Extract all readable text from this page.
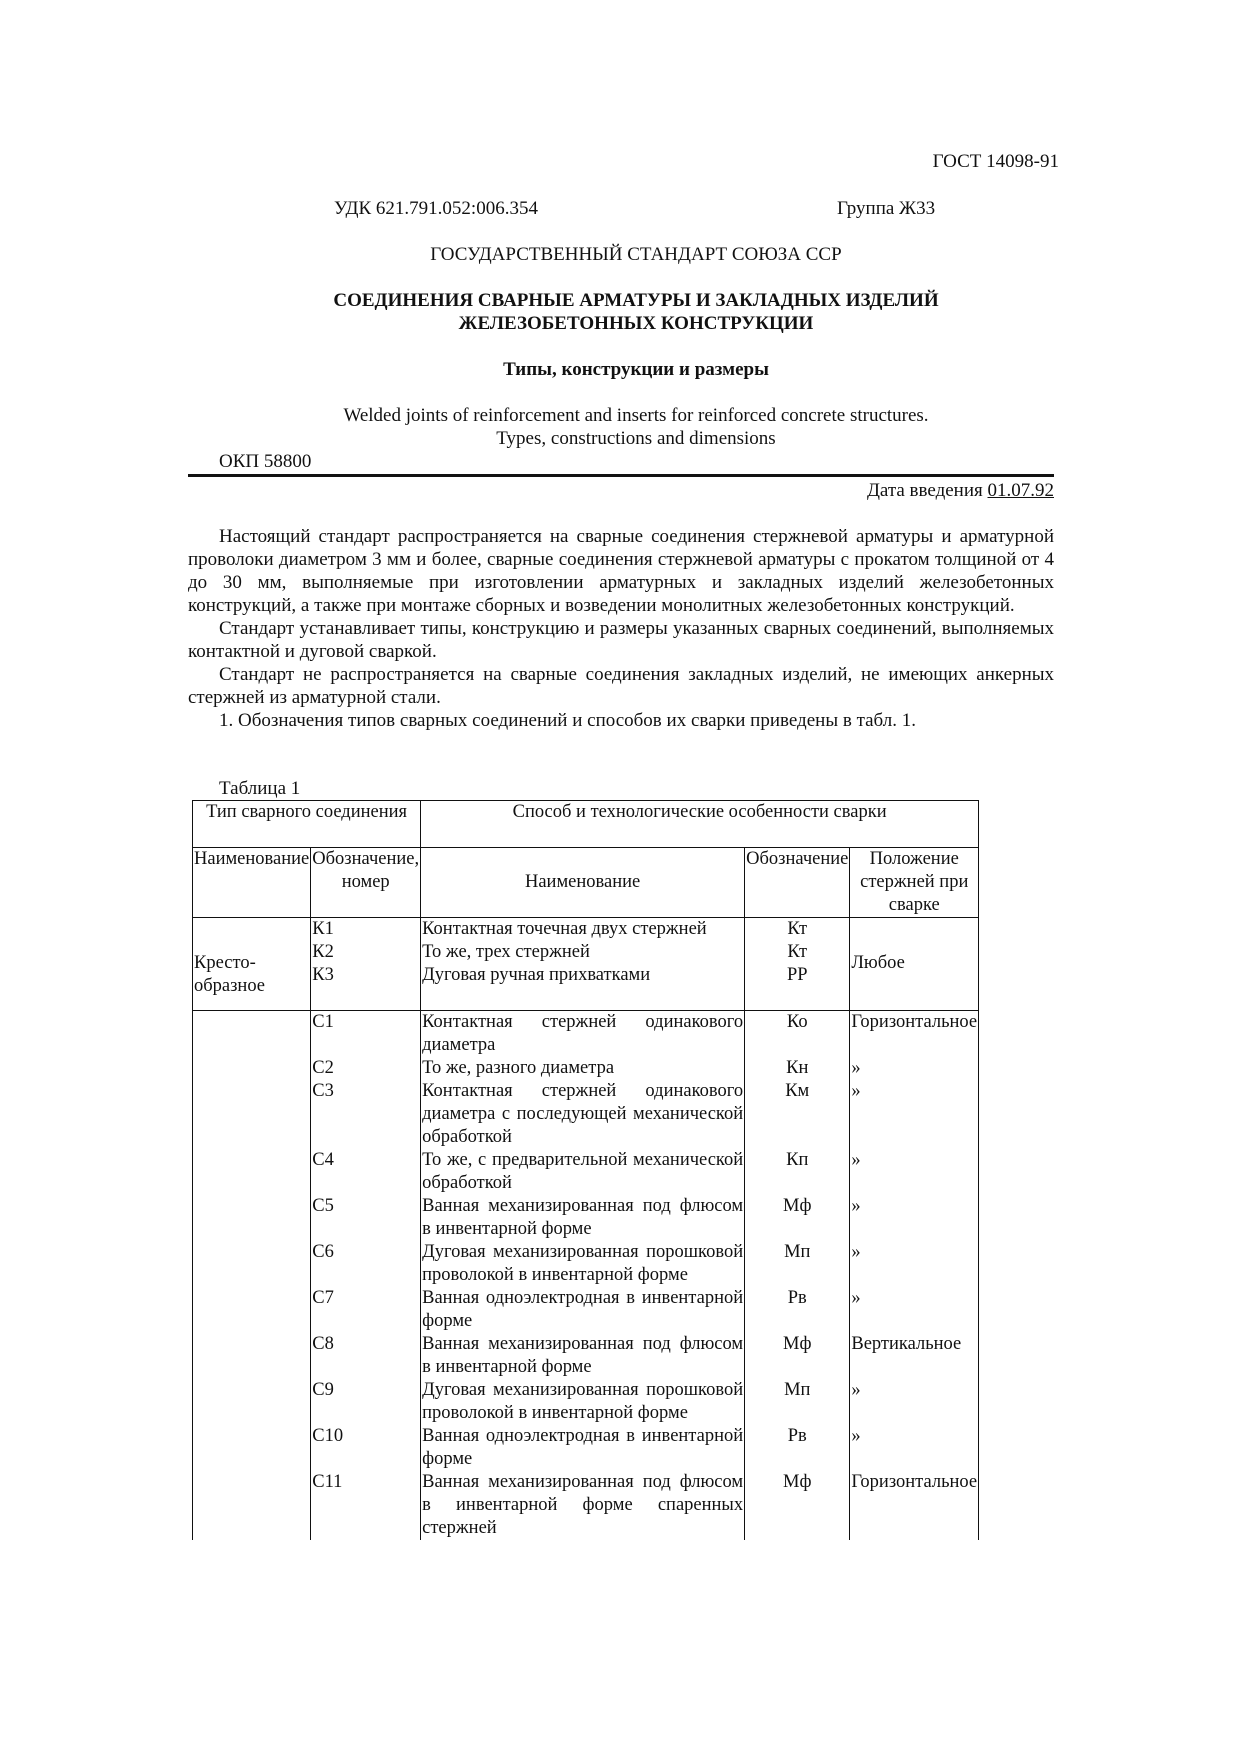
ГОСТ 14098-91
УДК 621.791.052:006.354	Группа Ж33
ГОСУДАРСТВЕННЫЙ СТАНДАРТ СОЮЗА ССР
СОЕДИНЕНИЯ СВАРНЫЕ АРМАТУРЫ И ЗАКЛАДНЫХ ИЗДЕЛИЙ
ЖЕЛЕЗОБЕТОННЫХ КОНСТРУКЦИИ
Типы, конструкции и размеры
Welded joints of reinforcement and inserts for reinforced concrete structures.
Types, constructions and dimensions
ОКП 58800
Дата введения 01.07.92

Настоящий стандарт распространяется на сварные соединения стержневой арматуры и арматурной проволоки диаметром 3 мм и более, сварные соединения стержневой арматуры с прокатом толщиной от 4 до 30 мм, выполняемые при изготовлении арматурных и закладных изделий железобетонных конструкций, а также при монтаже сборных и возведении монолитных железобетонных конструкций.

Стандарт устанавливает типы, конструкцию и размеры указанных сварных соединений, выполняемых контактной и дуговой сваркой.

Стандарт не распространяется на сварные соединения закладных изделий, не имеющих анкерных стержней из арматурной стали.

1. Обозначения типов сварных соединений и способов их сварки приведены в табл. 1.

Таблица 1
Тип сварного соединения		Способ и технологические особенности сварки		
Наименование	Обозначение, номер	Наименование	Обозначение	Положение стержней при сварке
Кресто-образное	К1	Контактная точечная двух стержней	Кт	Любое
	К2	То же, трех стержней	Кт	
	К3	Дуговая ручная прихватками	РР	
	С1	Контактная стержней одинакового диаметра	Ко	Горизонтальное
	С2	То же, разного диаметра	Кн	»
	С3	Контактная стержней одинакового диаметра с последующей механической обработкой	Км	»
	С4	То же, с предварительной механической обработкой	Кп	»
	С5	Ванная механизированная под флюсом в инвентарной форме	Мф	»
	С6	Дуговая механизированная порошковой проволокой в инвентарной форме	Мп	»
	С7	Ванная одноэлектродная в инвентарной форме	Рв	»
	С8	Ванная механизированная под флюсом в инвентарной форме	Мф	Вертикальное
	С9	Дуговая механизированная порошковой проволокой в инвентарной форме	Мп	»
	С10	Ванная одноэлектродная в инвентарной форме	Рв	»
	С11	Ванная механизированная под флюсом в инвентарной форме спаренных стержней	Мф	Горизонтальное
